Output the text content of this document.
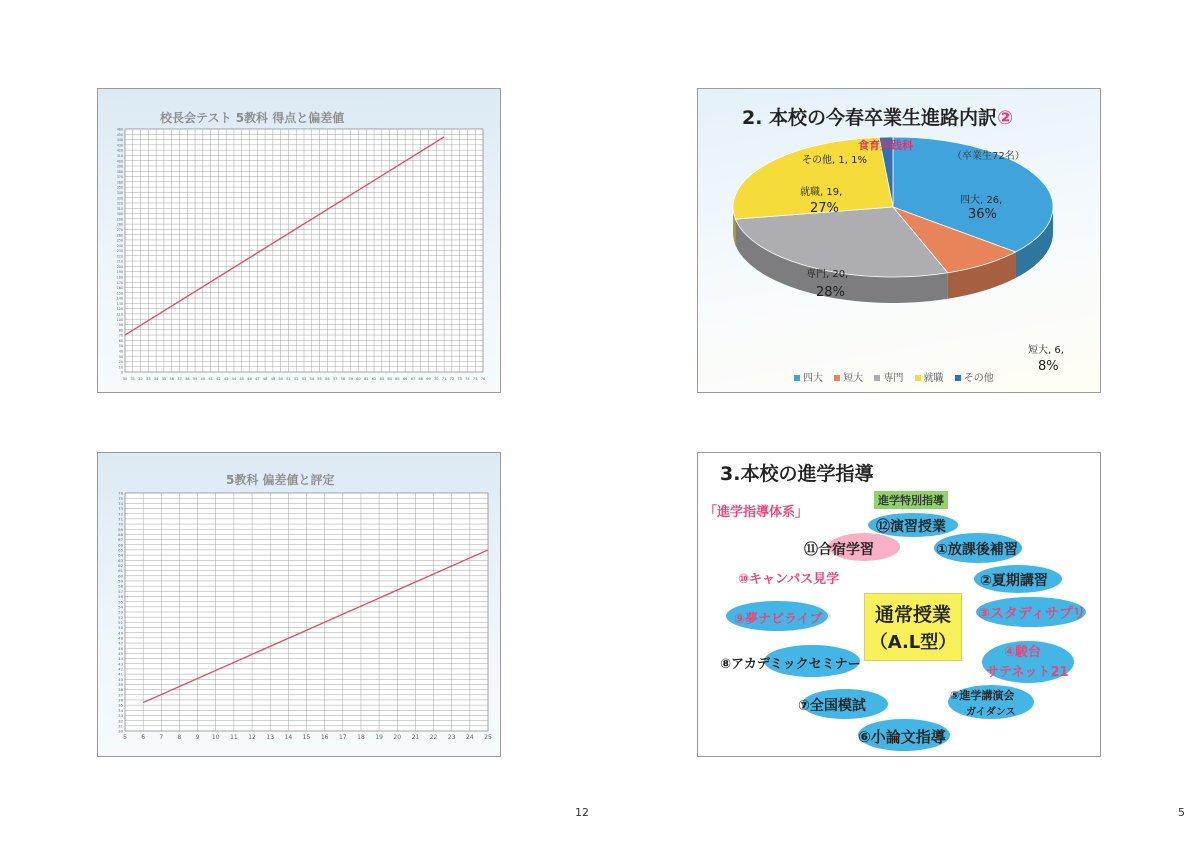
校長会テスト 5教科 得点と偏差値
30 31 32 33 34 35 36 37 38 39 40 41 42 43 44 45 46 47 48 49 50 51 52 53 54 55 56 57 58 59 60 61 62 63 64 65 66 67 68 69 70 71 72 73 74 75 76
0
10
20
30
40
50
60
70
80
90
100
110
120
130
140
150
160
170
180
190
200
210
220
230
240
250
260
270
280
290
300
310
320
330
340
350
360
370
380
390
400
410
420
430
440
450
460
2. 本校の今春卒業生進路内訳②
食育実践科
（卒業生72名）
その他, 1, 1%
四大, 26,
36%
就職, 19,
27%
専門, 20,
28%
短大, 6,
8%
四大 短大 専門 就職 その他
5教科 偏差値と評定
5 6 7 8 9 10 11 12 13 14 15 16 17 18 19 20 21 22 23 24 25
30
31
32
33
34
35
36
37
38
39
40
41
42
43
44
45
46
47
48
49
50
51
52
53
54
55
56
57
58
59
60
61
62
63
64
65
66
67
68
69
70
71
72
73
74
75
76
3.本校の進学指導
進学特別指導
「進学指導体系」
通常授業
（A.L型）
⑫演習授業
⑪合宿学習	①放課後補習
⑩キャンパス見学	②夏期講習
⑨夢ナビライブ	③スタディサプリ
④駿台
サテネット21
⑧アカデミックセミナー
⑤進学講演会
ガイダンス
⑦全国模試
⑥小論文指導
12	5
